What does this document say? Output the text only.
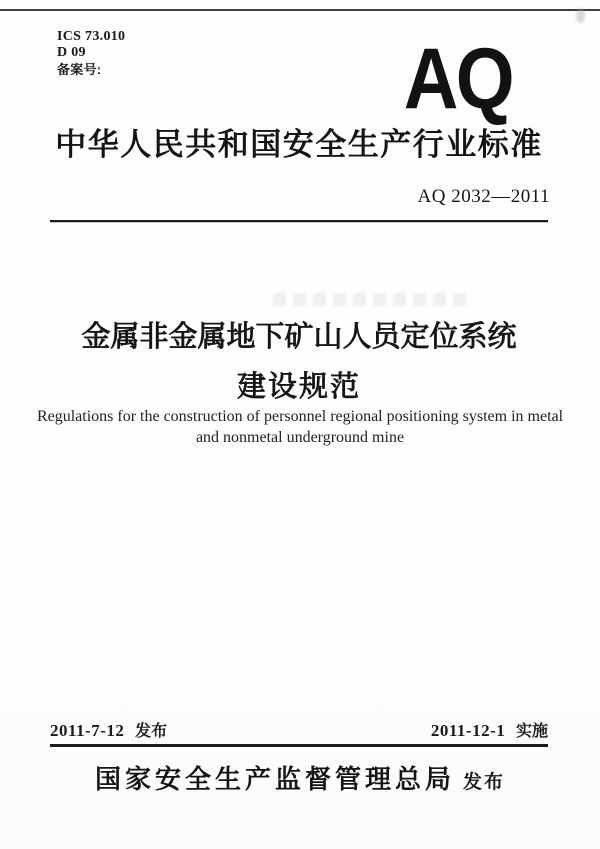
ICS 73.010
D 09
备案号:	AQ
中华人民共和国安全生产行业标准
AQ 2032—2011
金属非金属地下矿山人员定位系统
建设规范
Regulations for the construction of personnel regional positioning system in metal
and nonmetal underground mine
2011-7-12 发布	2011-12-1 实施
国家安全生产监督管理总局 发布
